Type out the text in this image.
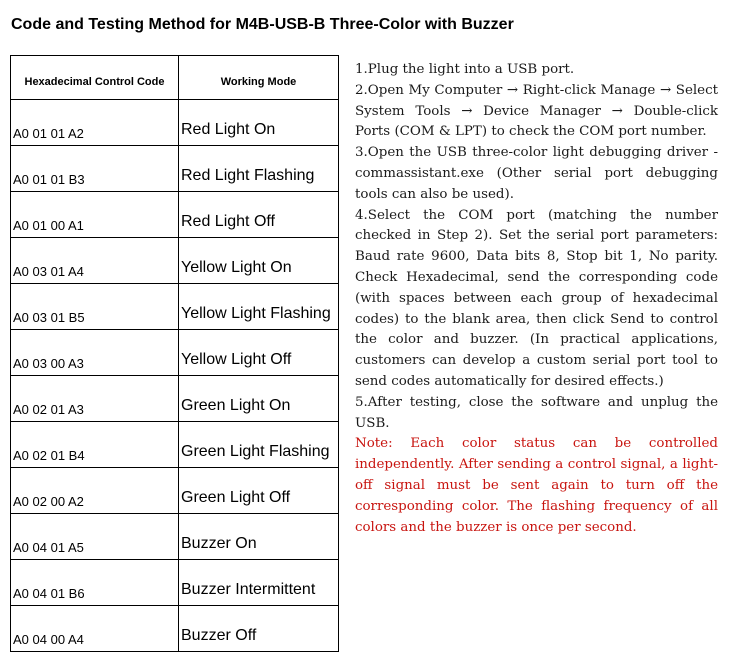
Code and Testing Method for M4B-USB-B Three-Color with Buzzer
Hexadecimal Control Code	Working Mode
A0 01 01 A2	Red Light On
A0 01 01 B3	Red Light Flashing
A0 01 00 A1	Red Light Off
A0 03 01 A4	Yellow Light On
A0 03 01 B5	Yellow Light Flashing
A0 03 00 A3	Yellow Light Off
A0 02 01 A3	Green Light On
A0 02 01 B4	Green Light Flashing
A0 02 00 A2	Green Light Off
A0 04 01 A5	Buzzer On
A0 04 01 B6	Buzzer Intermittent
A0 04 00 A4	Buzzer Off

1.Plug the light into a USB port.

2.Open My Computer → Right-click Manage → Select System Tools → Device Manager → Double-click Ports (COM & LPT) to check the COM port number.

3.Open the USB three-color light debugging driver - commassistant.exe (Other serial port debugging tools can also be used).

4.Select the COM port (matching the number checked in Step 2). Set the serial port parameters: Baud rate 9600, Data bits 8, Stop bit 1, No parity. Check Hexadecimal, send the corresponding code (with spaces between each group of hexadecimal codes) to the blank area, then click Send to control the color and buzzer. (In practical applications, customers can develop a custom serial port tool to send codes automatically for desired effects.)

5.After testing, close the software and unplug the USB.

Note: Each color status can be controlled independently. After sending a control signal, a light-off signal must be sent again to turn off the corresponding color. The flashing frequency of all colors and the buzzer is once per second.
